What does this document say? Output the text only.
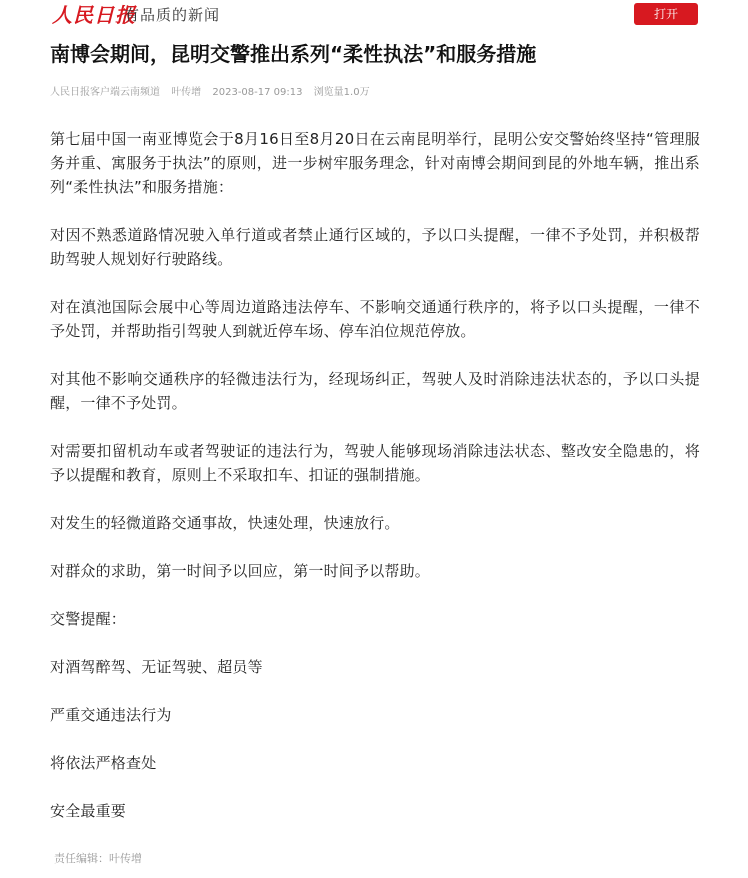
人民日报
有品质的新闻	打开
南博会期间，昆明交警推出系列“柔性执法”和服务措施
人民日报客户端云南频道 叶传增 2023-08-17 09:13 浏览量1.0万

第七届中国一南亚博览会于8月16日至8月20日在云南昆明举行，昆明公安交警始终坚持“管理服务并重、寓服务于执法”的原则，进一步树牢服务理念，针对南博会期间到昆的外地车辆，推出系列“柔性执法”和服务措施：

对因不熟悉道路情况驶入单行道或者禁止通行区域的，予以口头提醒，一律不予处罚，并积极帮助驾驶人规划好行驶路线。

对在滇池国际会展中心等周边道路违法停车、不影响交通通行秩序的，将予以口头提醒，一律不予处罚，并帮助指引驾驶人到就近停车场、停车泊位规范停放。

对其他不影响交通秩序的轻微违法行为，经现场纠正，驾驶人及时消除违法状态的，予以口头提醒，一律不予处罚。

对需要扣留机动车或者驾驶证的违法行为，驾驶人能够现场消除违法状态、整改安全隐患的，将予以提醒和教育，原则上不采取扣车、扣证的强制措施。

对发生的轻微道路交通事故，快速处理，快速放行。

对群众的求助，第一时间予以回应，第一时间予以帮助。

交警提醒：

对酒驾醉驾、无证驾驶、超员等

严重交通违法行为

将依法严格查处

安全最重要

责任编辑：叶传增
